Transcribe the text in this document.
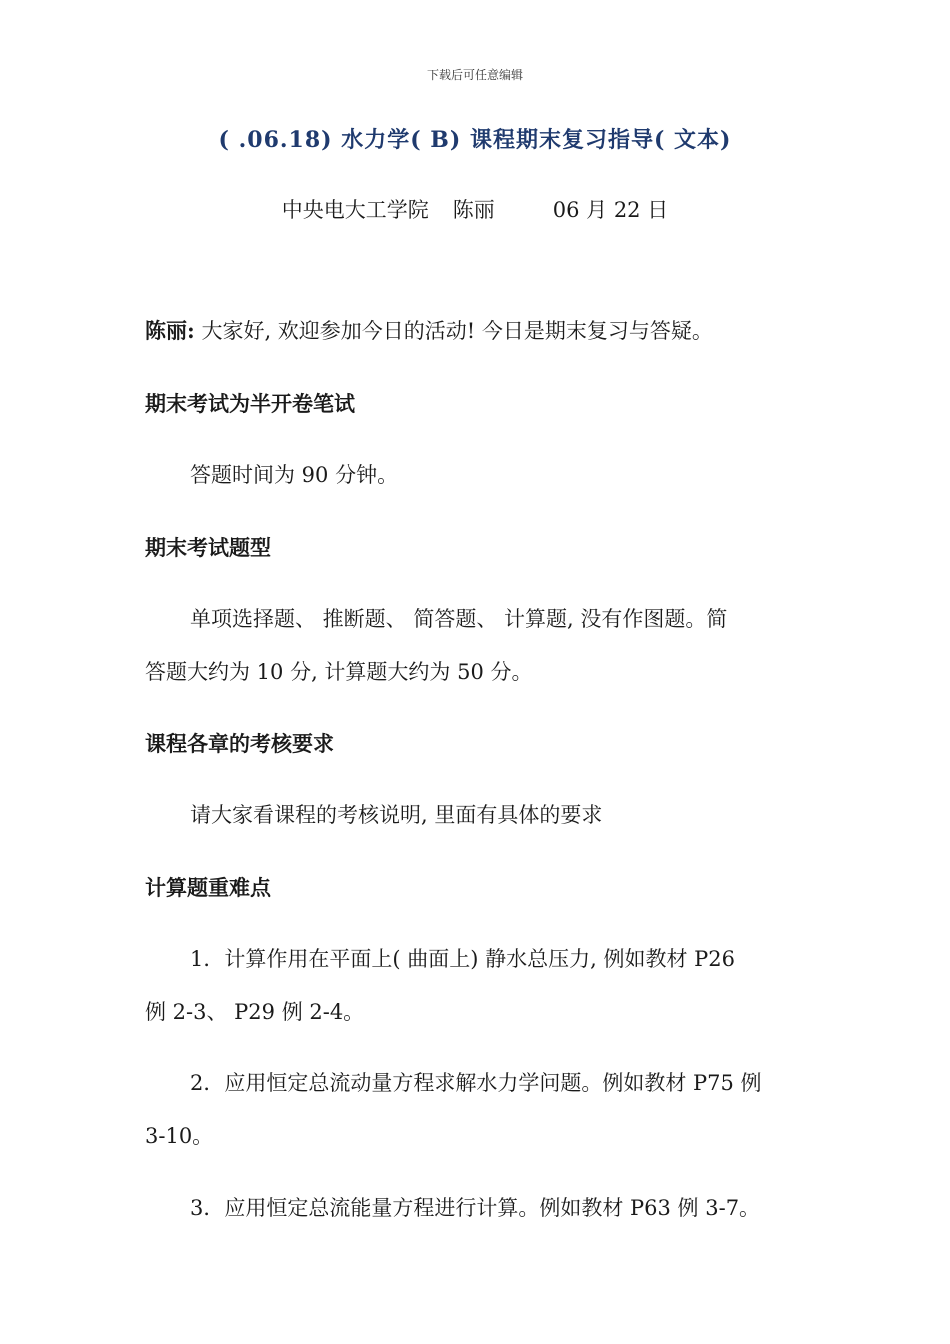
下载后可任意编辑
( .06.18) 水力学( B) 课程期末复习指导( 文本)
中央电大工学院 陈丽	06 月 22 日
陈丽: 大家好, 欢迎参加今日的活动! 今日是期末复习与答疑。
期末考试为半开卷笔试
答题时间为 90 分钟。
期末考试题型
单项选择题、 推断题、 简答题、 计算题, 没有作图题。简
答题大约为 10 分, 计算题大约为 50 分。
课程各章的考核要求
请大家看课程的考核说明, 里面有具体的要求
计算题重难点
1．计算作用在平面上( 曲面上) 静水总压力, 例如教材 P26
例 2-3、 P29 例 2-4。
2．应用恒定总流动量方程求解水力学问题。例如教材 P75 例
3-10。
3．应用恒定总流能量方程进行计算。例如教材 P63 例 3-7。
